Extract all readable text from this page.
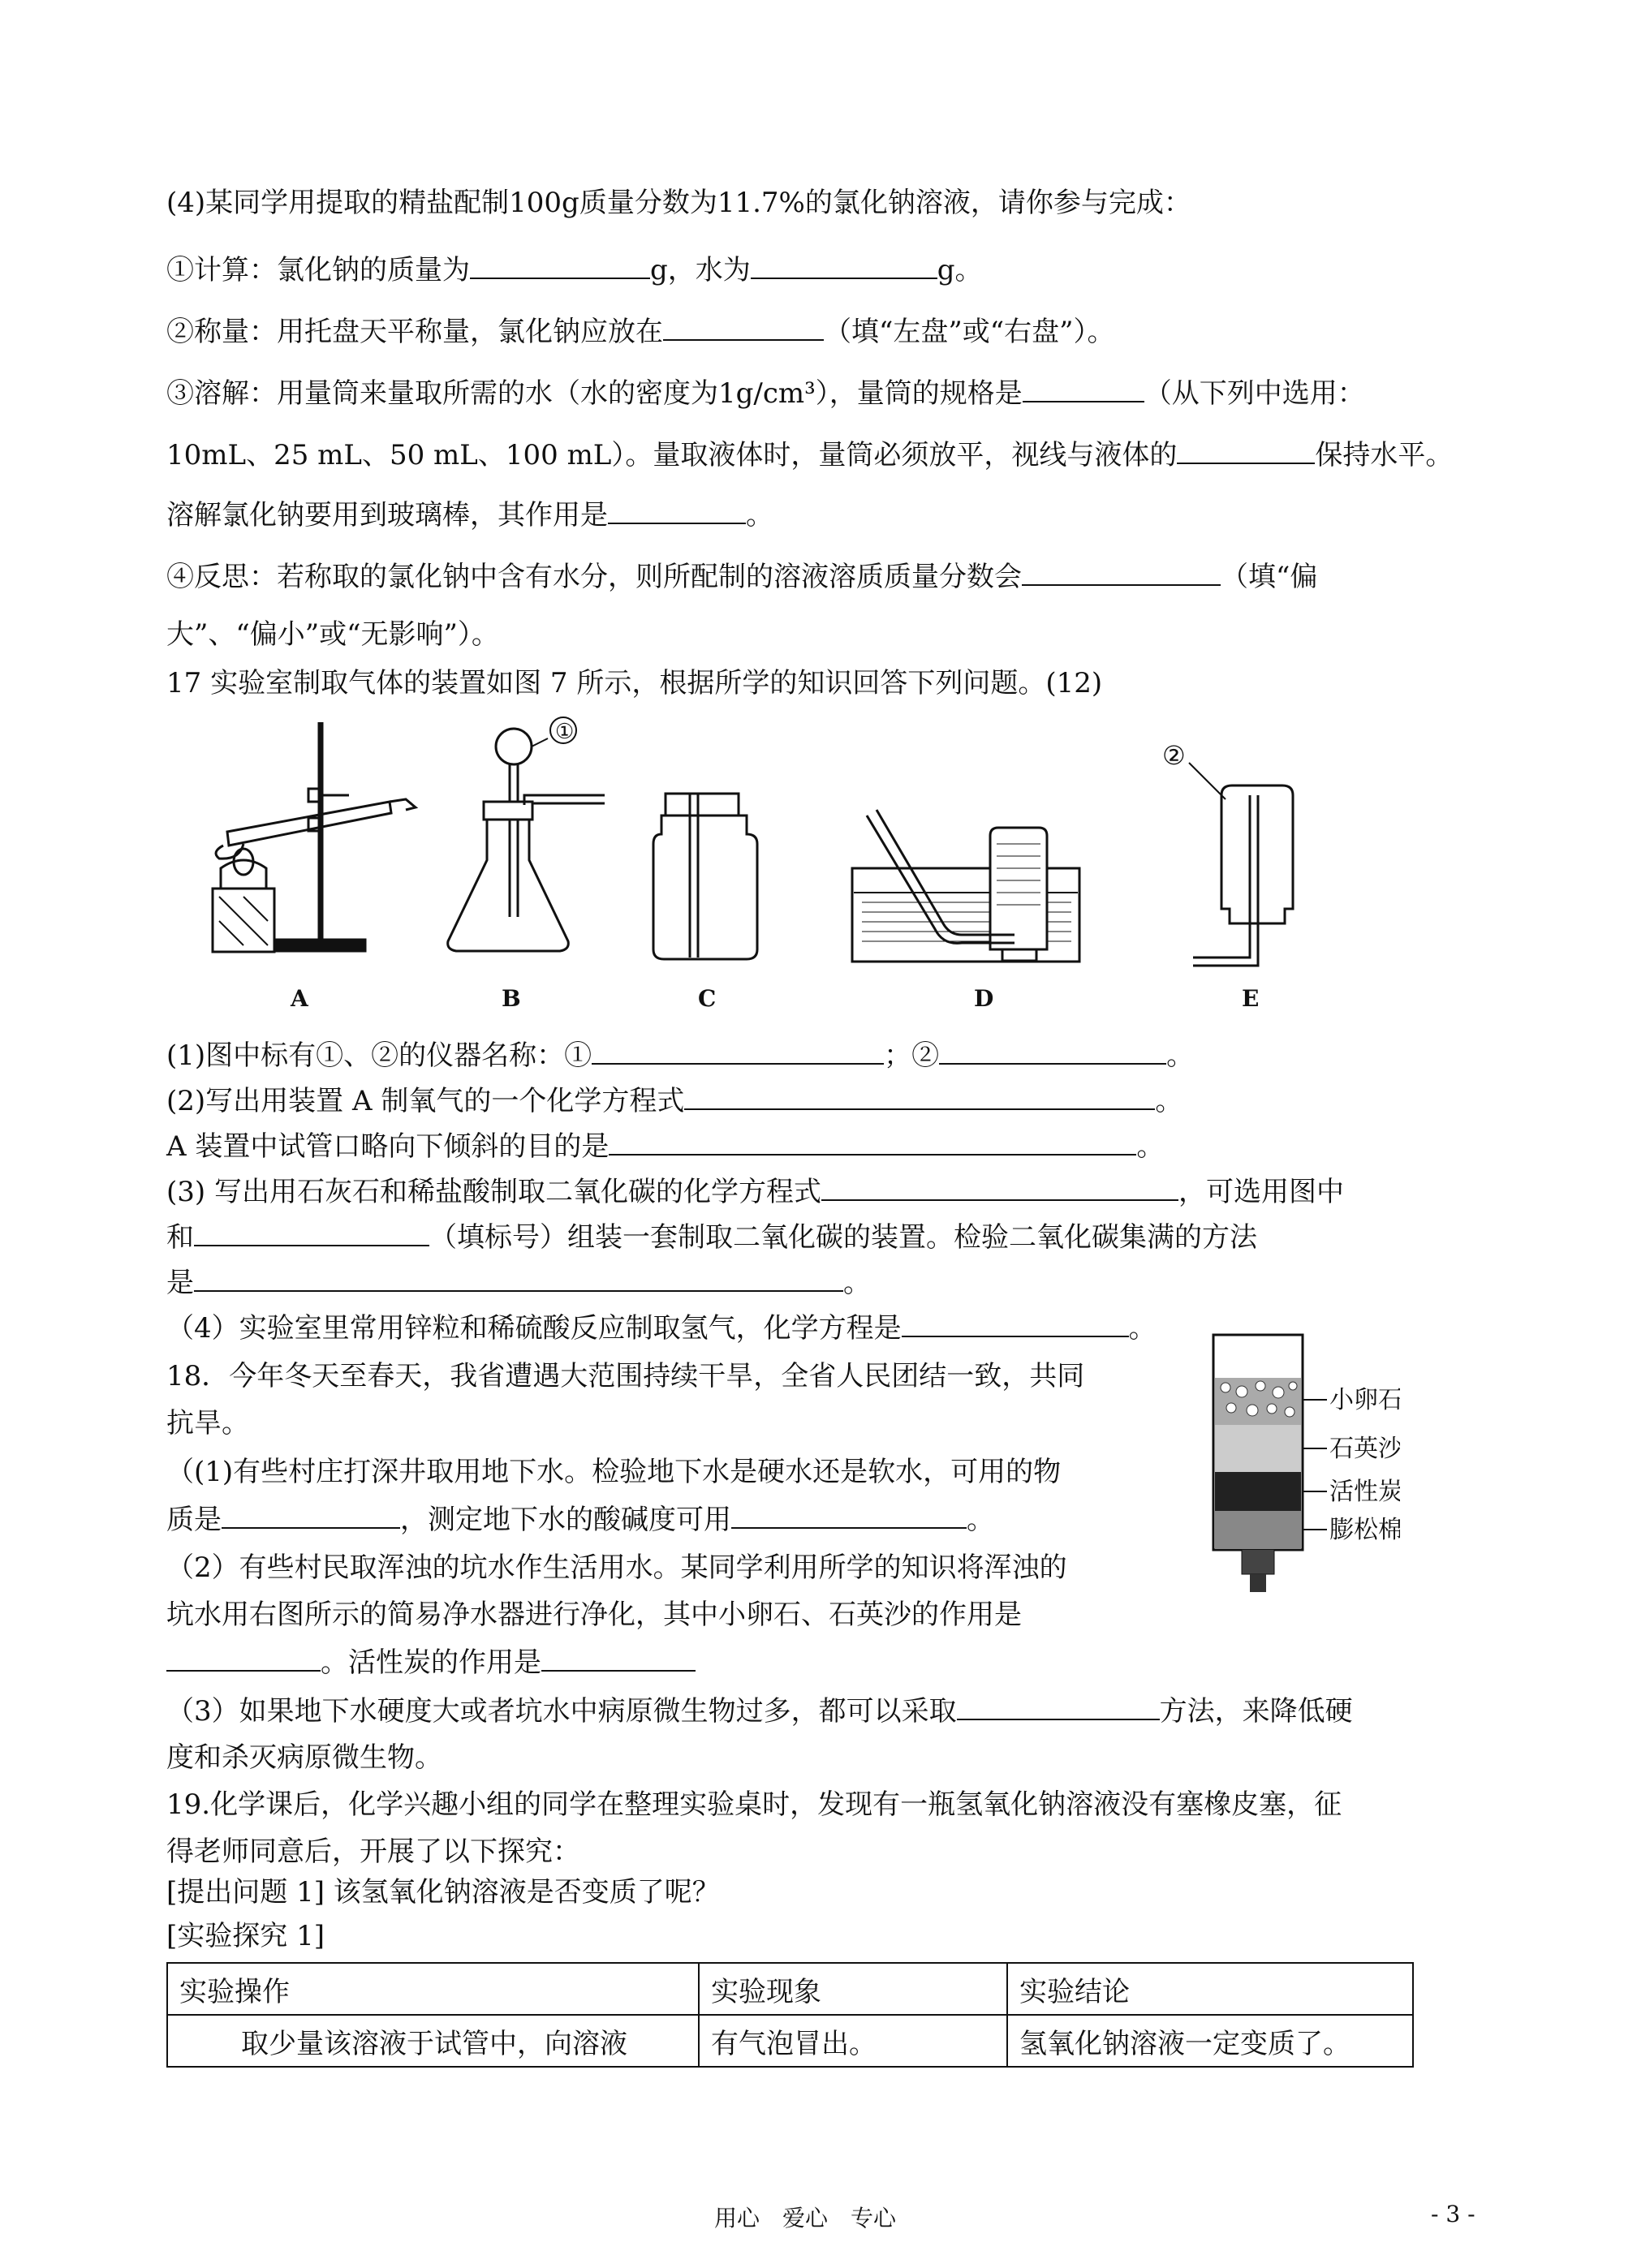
(4)某同学用提取的精盐配制100g质量分数为11.7%的氯化钠溶液，请你参与完成：
①计算：氯化钠的质量为	g，水为	g。
②称量：用托盘天平称量，氯化钠应放在	（填“左盘”或“右盘”）。
③溶解：用量筒来量取所需的水（水的密度为1g/cm³），量筒的规格是	（从下列中选用：
10mL、25 mL、50 mL、100 mL）。量取液体时，量筒必须放平，视线与液体的	保持水平。
溶解氯化钠要用到玻璃棒，其作用是	。
④反思：若称取的氯化钠中含有水分，则所配制的溶液溶质质量分数会	（填“偏
大”、“偏小”或“无影响”）。
17 实验室制取气体的装置如图 7 所示，根据所学的知识回答下列问题。(12)
①
②
A	B	C	D	E
(1)图中标有①、②的仪器名称：①	；②	。
(2)写出用装置 A 制氧气的一个化学方程式	。
A 装置中试管口略向下倾斜的目的是	。
(3) 写出用石灰石和稀盐酸制取二氧化碳的化学方程式	，可选用图中
和	（填标号）组装一套制取二氧化碳的装置。检验二氧化碳集满的方法
是	。
（4）实验室里常用锌粒和稀硫酸反应制取氢气，化学方程是	。
18．今年冬天至春天，我省遭遇大范围持续干旱，全省人民团结一致，共同
抗旱。
（(1)有些村庄打深井取用地下水。检验地下水是硬水还是软水，可用的物
质是	，测定地下水的酸碱度可用	。
（2）有些村民取浑浊的坑水作生活用水。某同学利用所学的知识将浑浊的
坑水用右图所示的简易净水器进行净化，其中小卵石、石英沙的作用是
。活性炭的作用是
（3）如果地下水硬度大或者坑水中病原微生物过多，都可以采取	方法，来降低硬
度和杀灭病原微生物。
小卵石
石英沙
活性炭
膨松棉
19.化学课后，化学兴趣小组的同学在整理实验桌时，发现有一瓶氢氧化钠溶液没有塞橡皮塞，征
得老师同意后，开展了以下探究：
[提出问题 1] 该氢氧化钠溶液是否变质了呢？
[实验探究 1]
实验操作	实验现象	实验结论
取少量该溶液于试管中，向溶液	有气泡冒出。	氢氧化钠溶液一定变质了。
用心　爱心　专心	- 3 -
